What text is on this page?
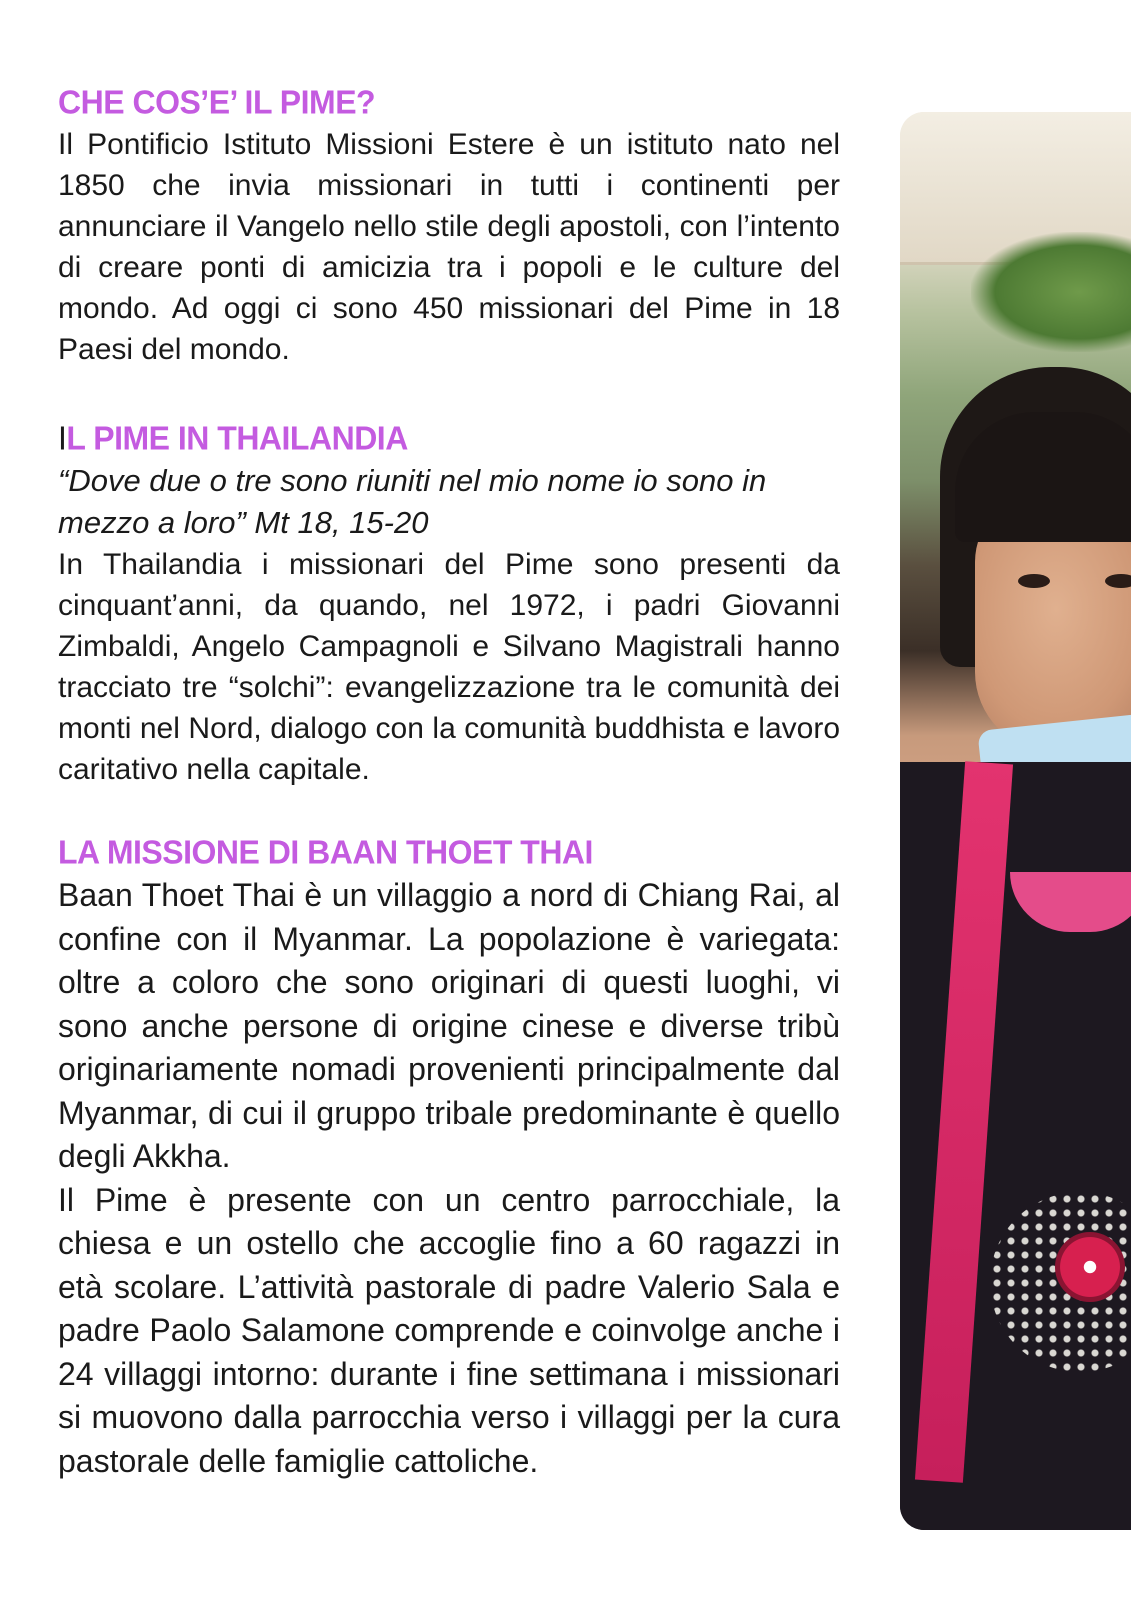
CHE COS’E’ IL PIME?

Il Pontificio Istituto Missioni Estere è un istituto nato nel 1850 che invia missionari in tutti i continenti per annunciare il Vangelo nello stile degli apostoli, con l’intento di creare ponti di amicizia tra i popoli e le culture del mondo. Ad oggi ci sono 450 missionari del Pime in 18 Paesi del mondo.

IL PIME IN THAILANDIA

“Dove due o tre sono riuniti nel mio nome io sono in mezzo a loro” Mt 18, 15-20

In Thailandia i missionari del Pime sono presenti da cinquant’anni, da quando, nel 1972, i padri Giovanni Zimbaldi, Angelo Campagnoli e Silvano Magistrali hanno tracciato tre “solchi”: evangelizzazione tra le comunità dei monti nel Nord, dialogo con la comunità buddhista e lavoro caritativo nella capitale.

LA MISSIONE DI BAAN THOET THAI

Baan Thoet Thai è un villaggio a nord di Chiang Rai, al confine con il Myanmar. La popolazione è variegata: oltre a coloro che sono originari di questi luoghi, vi sono anche persone di origine cinese e diverse tribù originariamente nomadi provenienti principalmente dal Myanmar, di cui il gruppo tribale predominante è quello degli Akkha.

Il Pime è presente con un centro parrocchiale, la chiesa e un ostello che accoglie fino a 60 ragazzi in età scolare. L’attività pastorale di padre Valerio Sala e padre Paolo Salamone comprende e coinvolge anche i 24 villaggi intorno: durante i fine settimana i missionari si muovono dalla parrocchia verso i villaggi per la cura pastorale delle famiglie cattoliche.
